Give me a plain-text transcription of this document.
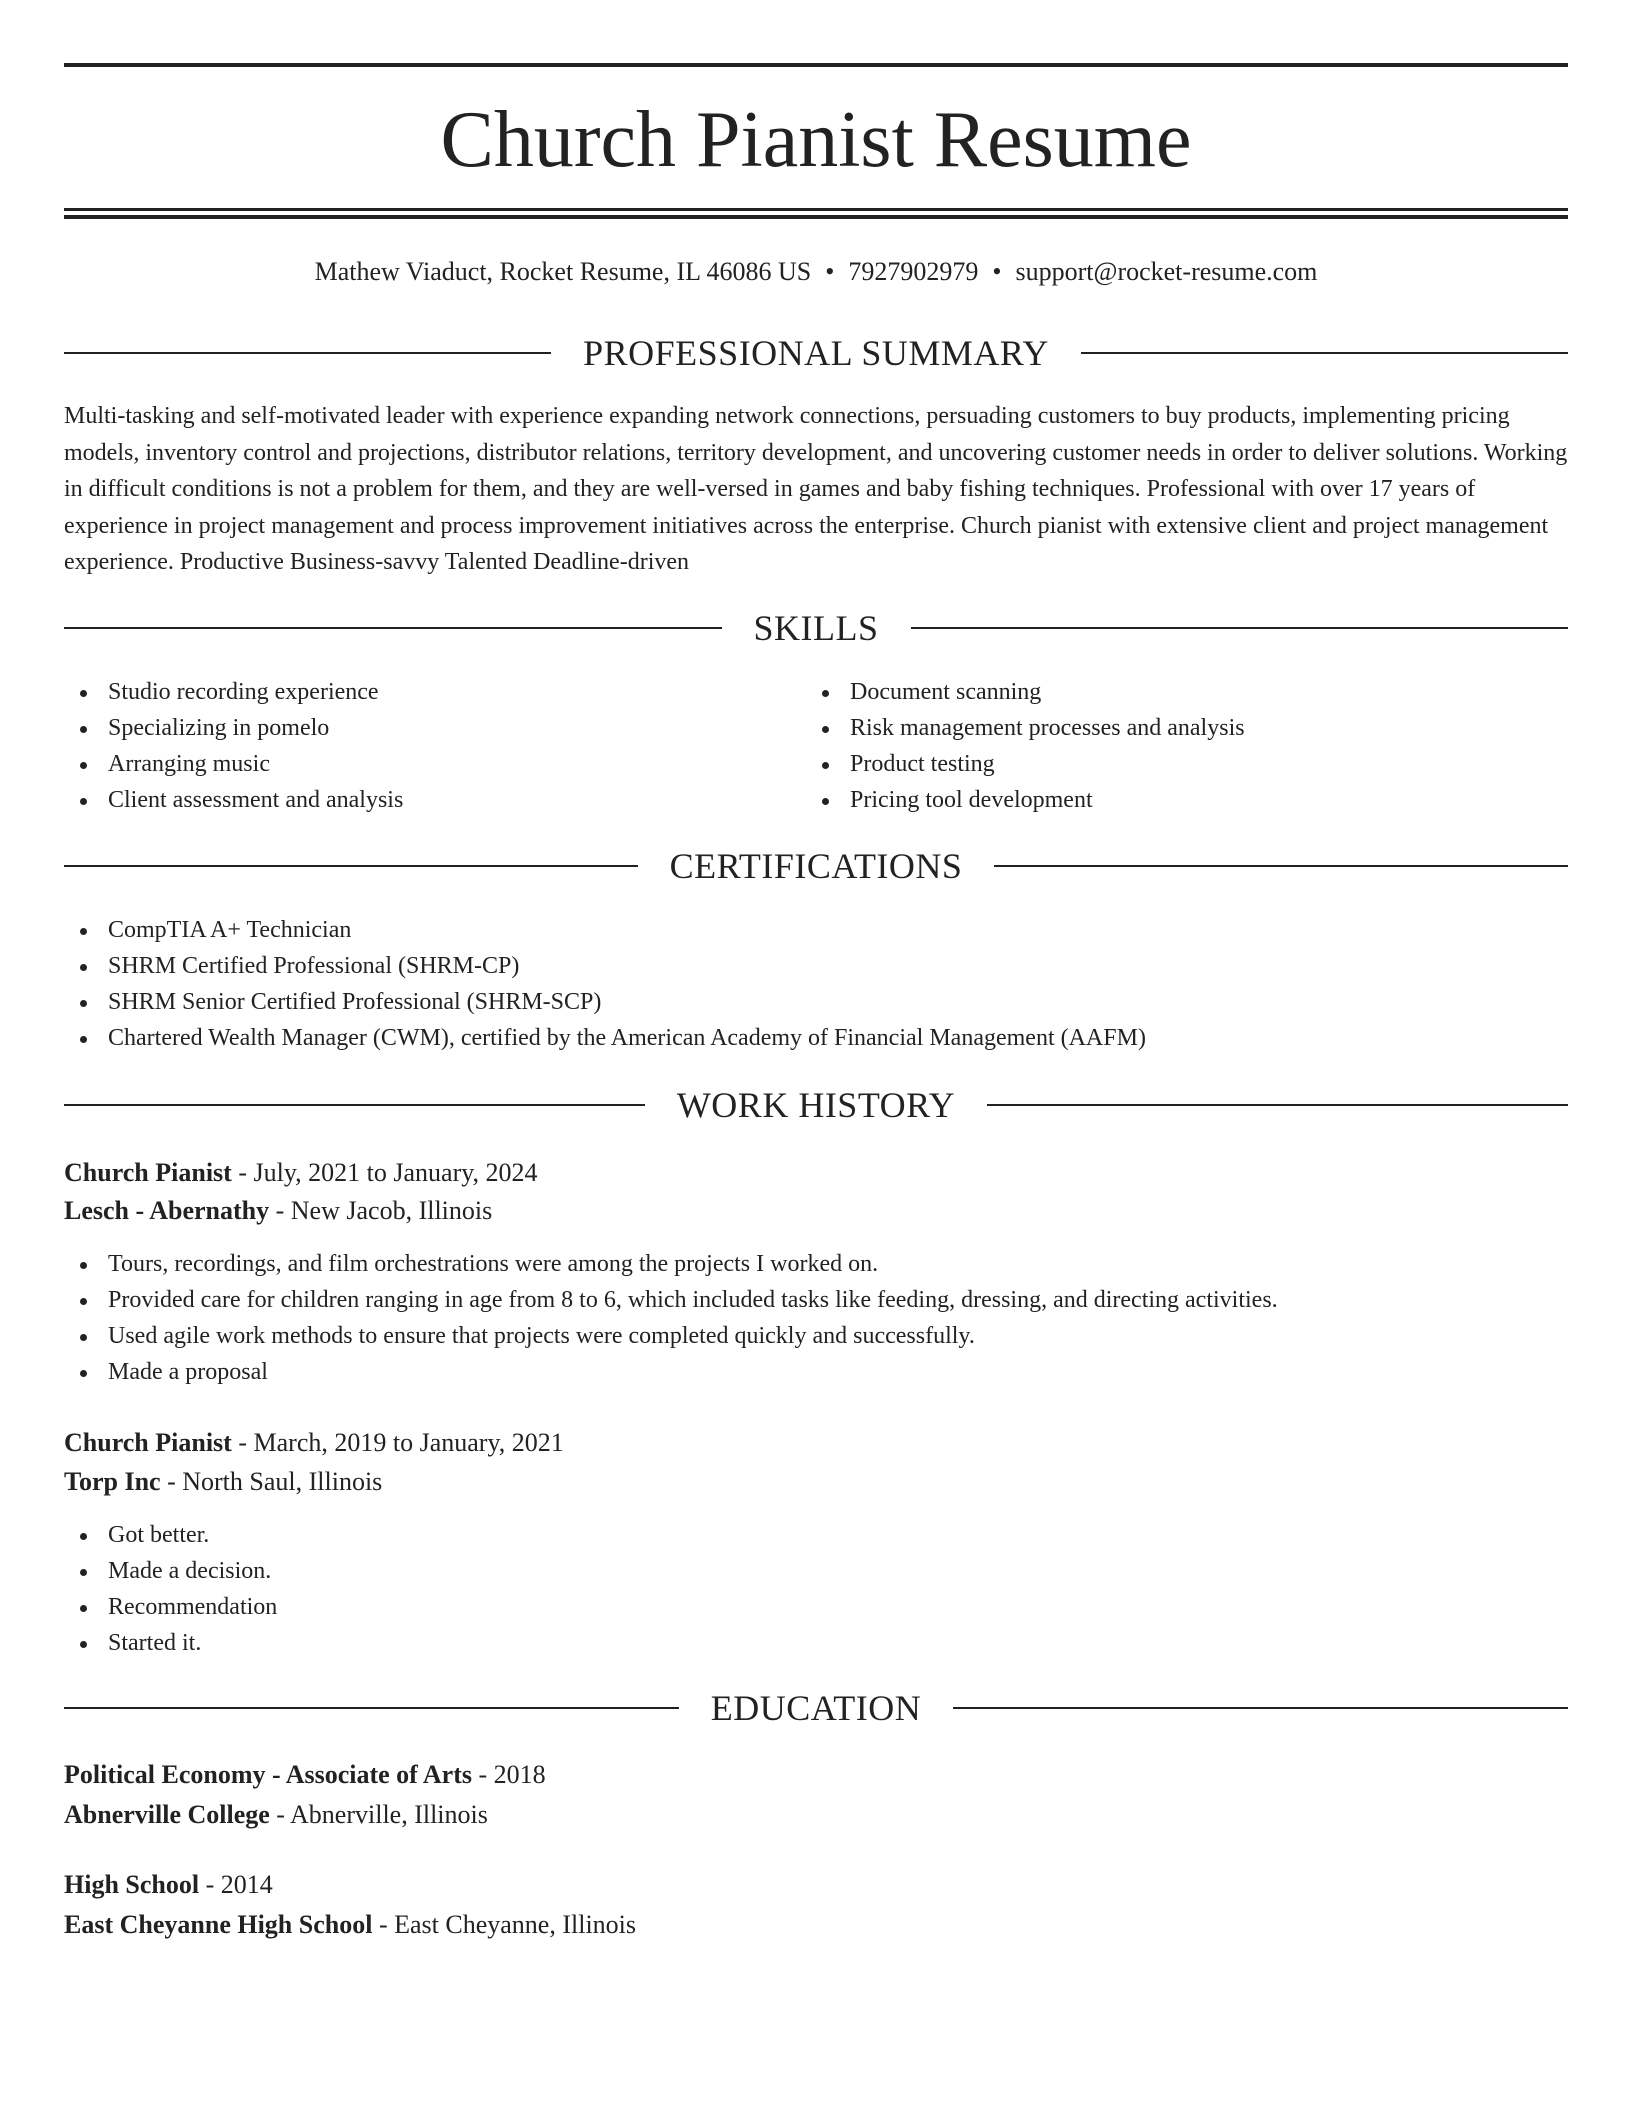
Church Pianist Resume
Mathew Viaduct, Rocket Resume, IL 46086 US • 7927902979 • support@rocket-resume.com
PROFESSIONAL SUMMARY

Multi-tasking and self-motivated leader with experience expanding network connections, persuading customers to buy products, implementing pricing models, inventory control and projections, distributor relations, territory development, and uncovering customer needs in order to deliver solutions. Working in difficult conditions is not a problem for them, and they are well-versed in games and baby fishing techniques. Professional with over 17 years of experience in project management and process improvement initiatives across the enterprise. Church pianist with extensive client and project management experience. Productive Business-savvy Talented Deadline-driven

SKILLS
Studio recording experience
Specializing in pomelo
Arranging music
Client assessment and analysis
Document scanning
Risk management processes and analysis
Product testing
Pricing tool development
CERTIFICATIONS
CompTIA A+ Technician
SHRM Certified Professional (SHRM-CP)
SHRM Senior Certified Professional (SHRM-SCP)
Chartered Wealth Manager (CWM), certified by the American Academy of Financial Management (AAFM)
WORK HISTORY
Church Pianist - July, 2021 to January, 2024
Lesch - Abernathy - New Jacob, Illinois
Tours, recordings, and film orchestrations were among the projects I worked on.
Provided care for children ranging in age from 8 to 6, which included tasks like feeding, dressing, and directing activities.
Used agile work methods to ensure that projects were completed quickly and successfully.
Made a proposal
Church Pianist - March, 2019 to January, 2021
Torp Inc - North Saul, Illinois
Got better.
Made a decision.
Recommendation
Started it.
EDUCATION
Political Economy - Associate of Arts - 2018
Abnerville College - Abnerville, Illinois
High School - 2014
East Cheyanne High School - East Cheyanne, Illinois
